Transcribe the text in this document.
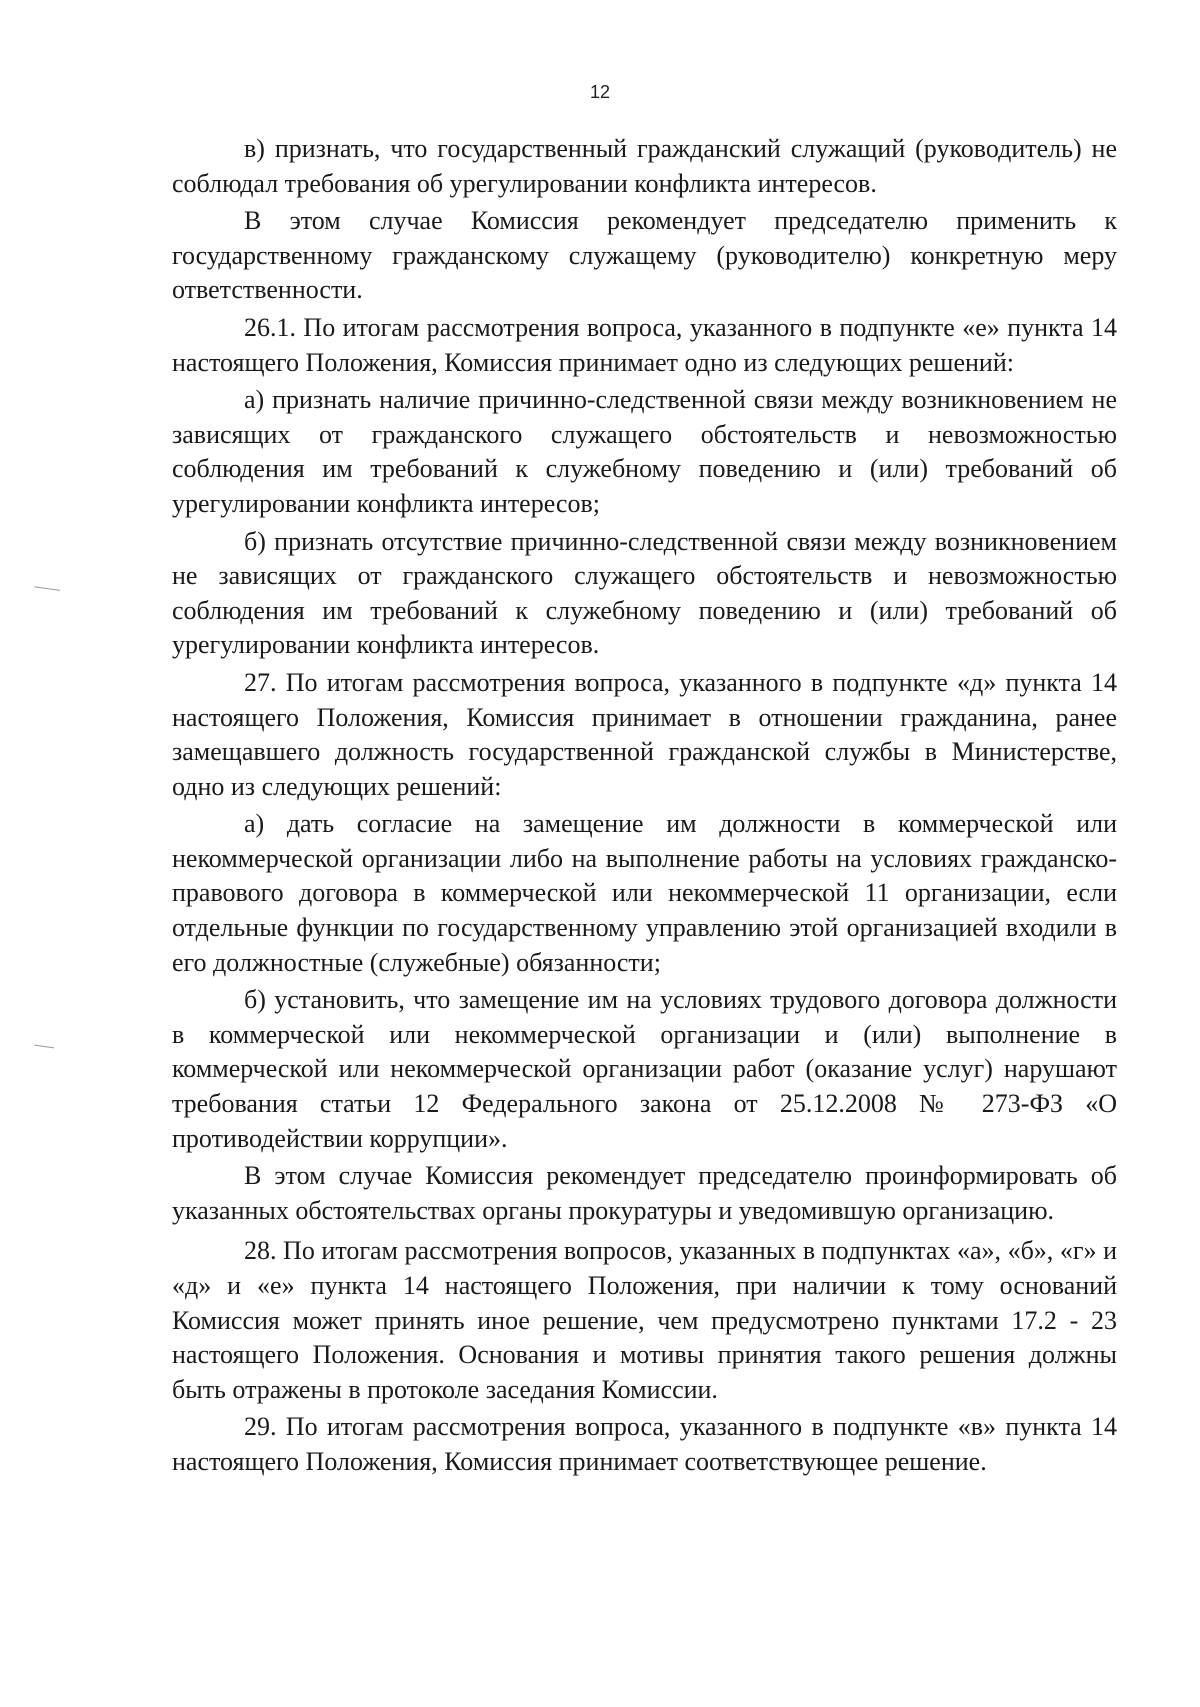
12

в) признать, что государственный гражданский служащий (руководитель) не соблюдал требования об урегулировании конфликта интересов.

В этом случае Комиссия рекомендует председателю применить к государственному гражданскому служащему (руководителю) конкретную меру ответственности.

26.1. По итогам рассмотрения вопроса, указанного в подпункте «е» пункта 14 настоящего Положения, Комиссия принимает одно из следующих решений:

а) признать наличие причинно-следственной связи между возникновением не зависящих от гражданского служащего обстоятельств и невозможностью соблюдения им требований к служебному поведению и (или) требований об урегулировании конфликта интересов;

б) признать отсутствие причинно-следственной связи между возникновением не зависящих от гражданского служащего обстоятельств и невозможностью соблюдения им требований к служебному поведению и (или) требований об урегулировании конфликта интересов.

27. По итогам рассмотрения вопроса, указанного в подпункте «д» пункта 14 настоящего Положения, Комиссия принимает в отношении гражданина, ранее замещавшего должность государственной гражданской службы в Министерстве, одно из следующих решений:

а) дать согласие на замещение им должности в коммерческой или некоммерческой организации либо на выполнение работы на условиях гражданско-правового договора в коммерческой или некоммерческой 11 организации, если отдельные функции по государственному управлению этой организацией входили в его должностные (служебные) обязанности;

б) установить, что замещение им на условиях трудового договора должности в коммерческой или некоммерческой организации и (или) выполнение в коммерческой или некоммерческой организации работ (оказание услуг) нарушают требования статьи 12 Федерального закона от 25.12.2008 № 273-ФЗ «О противодействии коррупции».

В этом случае Комиссия рекомендует председателю проинформировать об указанных обстоятельствах органы прокуратуры и уведомившую организацию.

28. По итогам рассмотрения вопросов, указанных в подпунктах «а», «б», «г» и «д» и «е» пункта 14 настоящего Положения, при наличии к тому оснований Комиссия может принять иное решение, чем предусмотрено пунктами 17.2 - 23 настоящего Положения. Основания и мотивы принятия такого решения должны быть отражены в протоколе заседания Комиссии.

29. По итогам рассмотрения вопроса, указанного в подпункте «в» пункта 14 настоящего Положения, Комиссия принимает соответствующее решение.
